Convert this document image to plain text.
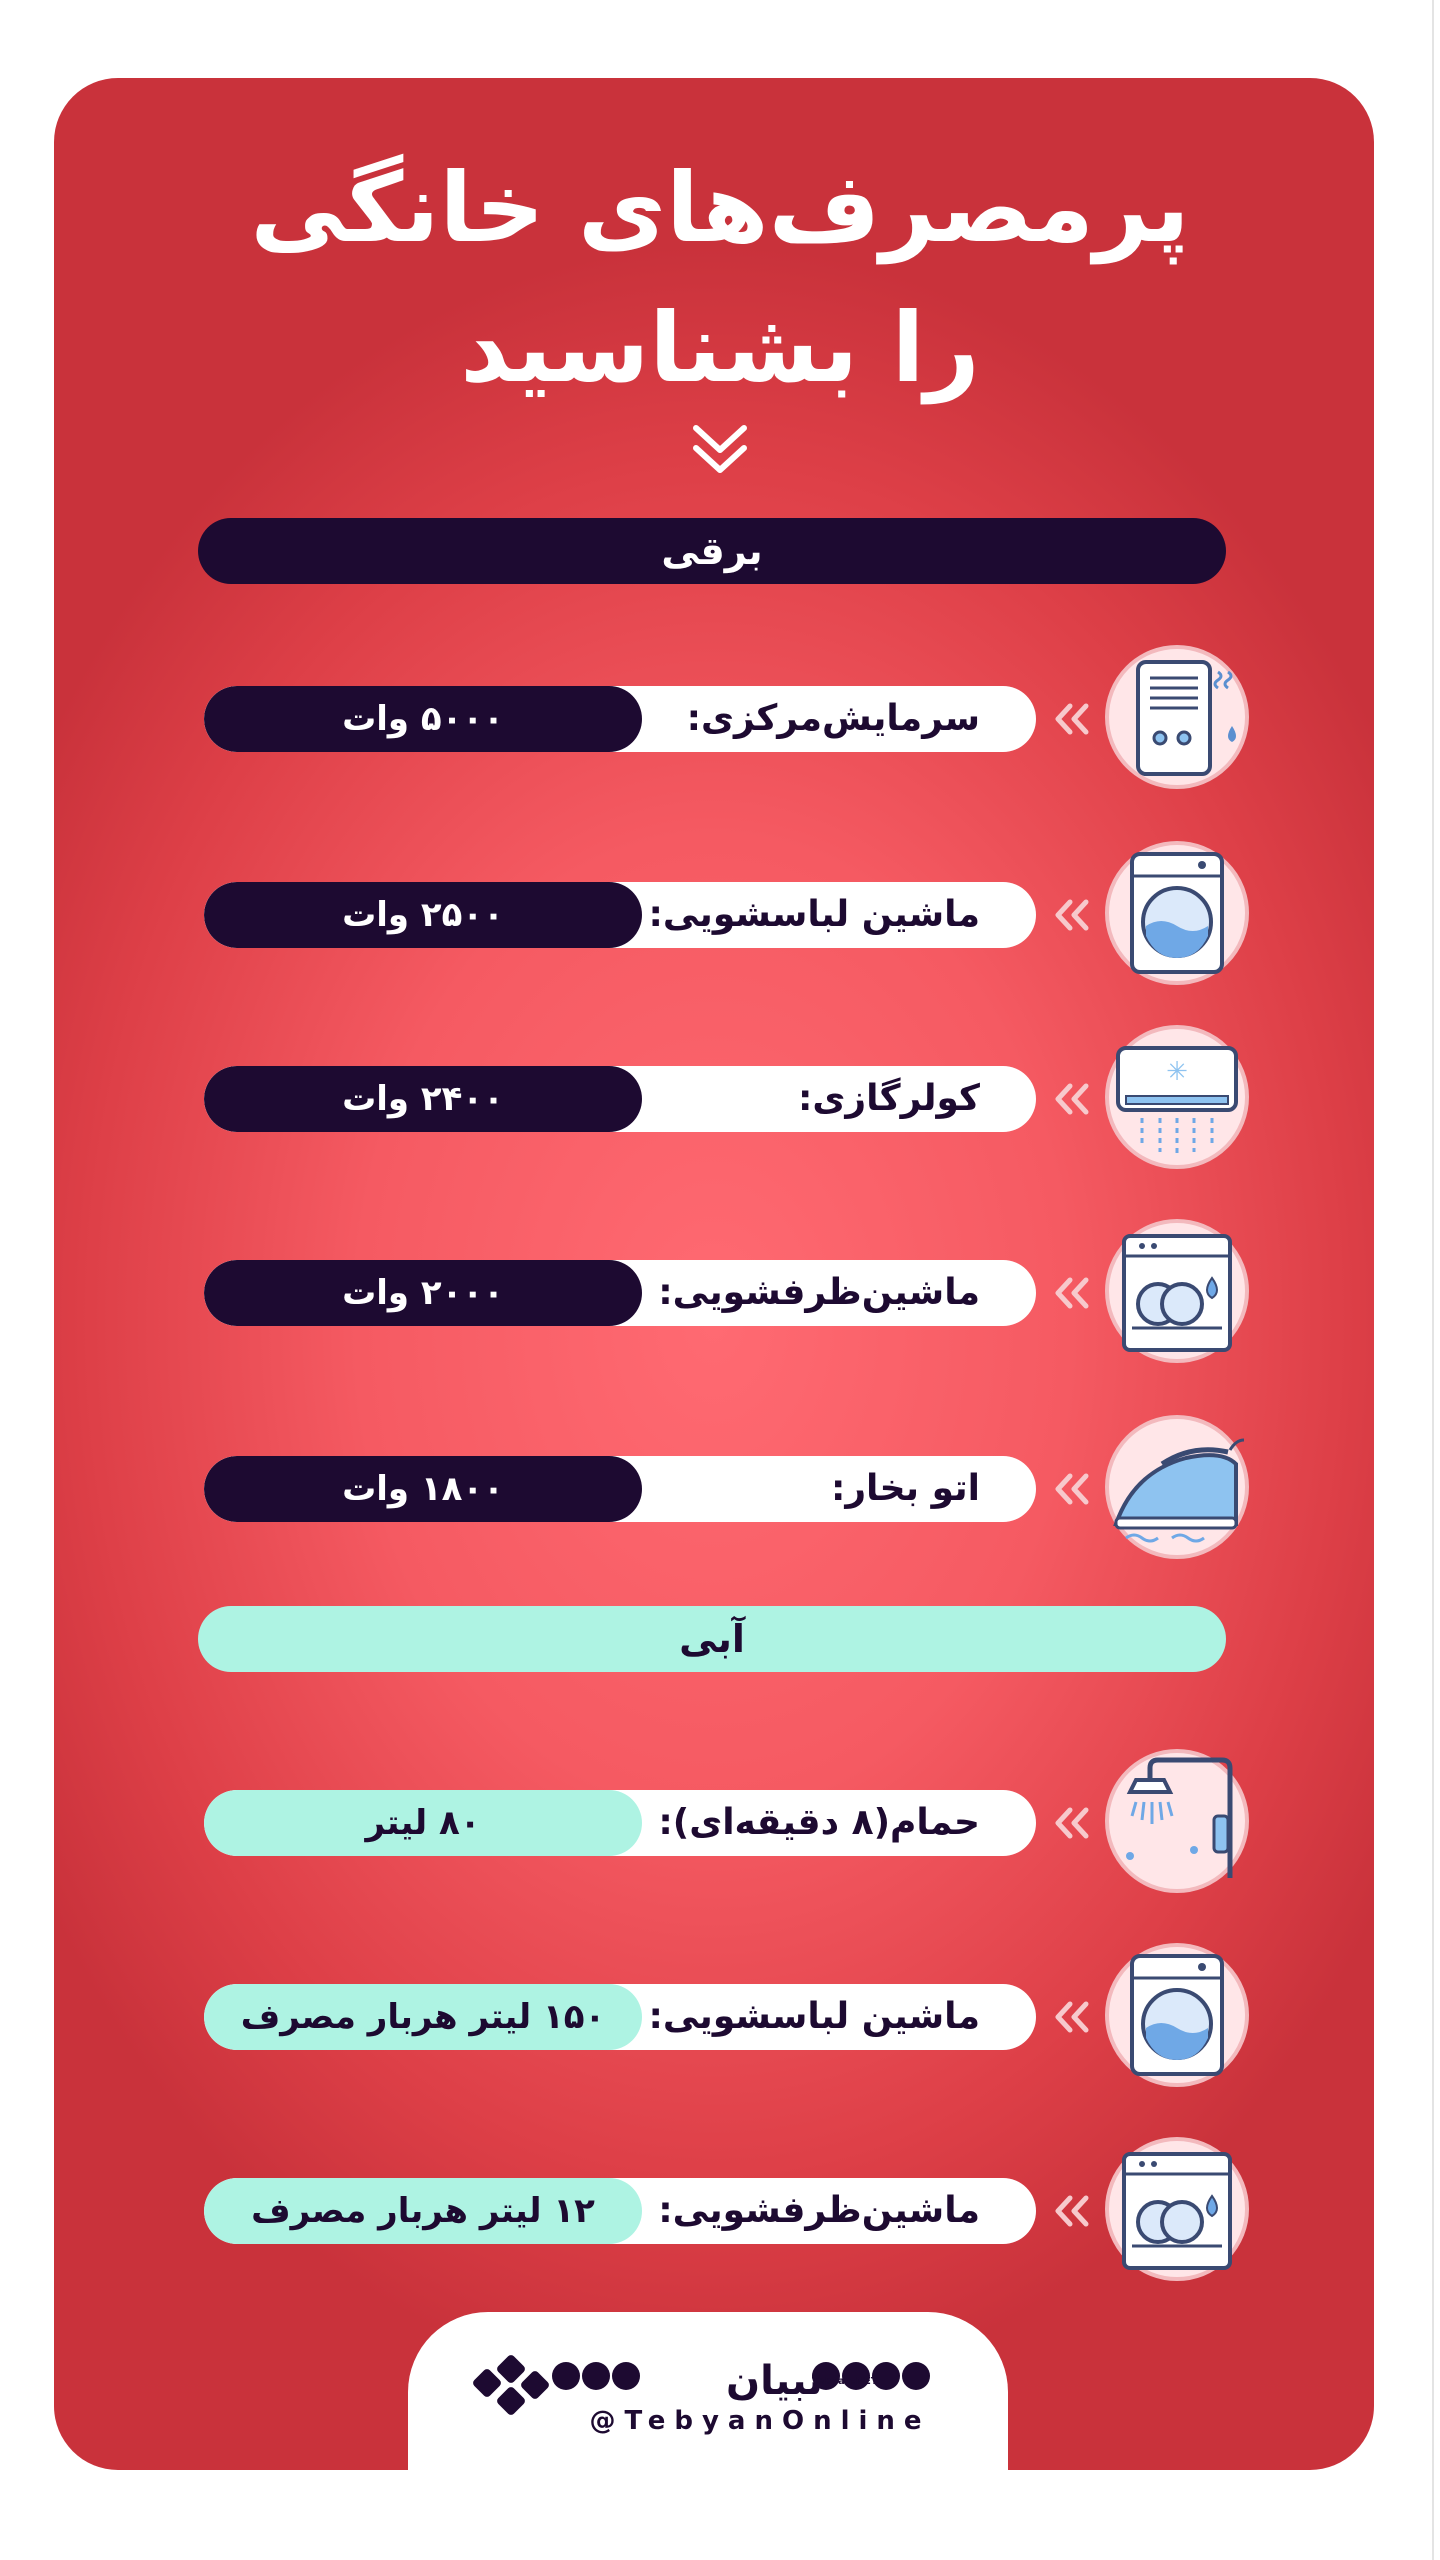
پرمصرف‌های خانگی
را بشناسید
برقی
سرمایش‌مرکزی:
۵۰۰۰ وات
ماشین لباسشویی:
۲۵۰۰ وات
کولرگازی:
۲۴۰۰ وات
✳
ماشین‌ظرفشویی:
۲۰۰۰ وات
اتو بخار:
۱۸۰۰ وات
آبی
حمام(۸ دقیقه‌ای):
۸۰ لیتر
ماشین لباسشویی:
۱۵۰ لیتر هربار مصرف
ماشین‌ظرفشویی:
۱۲ لیتر هربار مصرف
تبیان
Tebyan.NET
@TebyanOnline
